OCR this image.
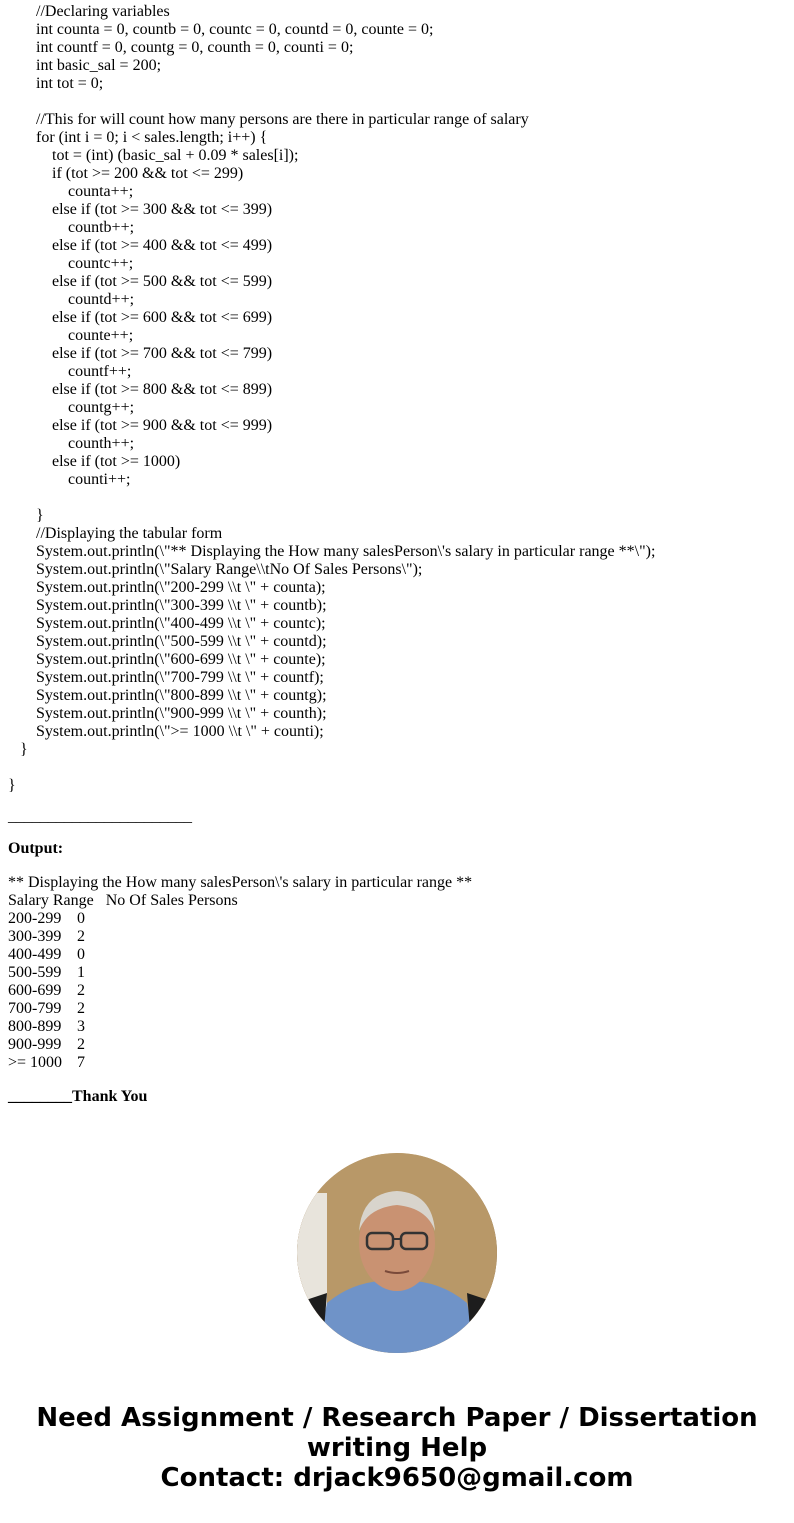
//Declaring variables
int counta = 0, countb = 0, countc = 0, countd = 0, counte = 0;
int countf = 0, countg = 0, counth = 0, counti = 0;
int basic_sal = 200;
int tot = 0;
//This for will count how many persons are there in particular range of salary
for (int i = 0; i < sales.length; i++) {
tot = (int) (basic_sal + 0.09 * sales[i]);
if (tot >= 200 && tot <= 299)
counta++;
else if (tot >= 300 && tot <= 399)
countb++;
else if (tot >= 400 && tot <= 499)
countc++;
else if (tot >= 500 && tot <= 599)
countd++;
else if (tot >= 600 && tot <= 699)
counte++;
else if (tot >= 700 && tot <= 799)
countf++;
else if (tot >= 800 && tot <= 899)
countg++;
else if (tot >= 900 && tot <= 999)
counth++;
else if (tot >= 1000)
counti++;
}
//Displaying the tabular form
System.out.println(\"** Displaying the How many salesPerson\'s salary in particular range **\");
System.out.println(\"Salary Range\\tNo Of Sales Persons\");
System.out.println(\"200-299 \\t \" + counta);
System.out.println(\"300-399 \\t \" + countb);
System.out.println(\"400-499 \\t \" + countc);
System.out.println(\"500-599 \\t \" + countd);
System.out.println(\"600-699 \\t \" + counte);
System.out.println(\"700-799 \\t \" + countf);
System.out.println(\"800-899 \\t \" + countg);
System.out.println(\"900-999 \\t \" + counth);
System.out.println(\">= 1000 \\t \" + counti);
}
}
_______________________
Output:
** Displaying the How many salesPerson\'s salary in particular range **
Salary Range   No Of Sales Persons
200-299 0
300-399 2
400-499 0
500-599 1
600-699 2
700-799 2
800-899 3
900-999 2
>= 1000 7
________Thank You
Need Assignment / Research Paper / Dissertation
writing Help
Contact: drjack9650@gmail.com
